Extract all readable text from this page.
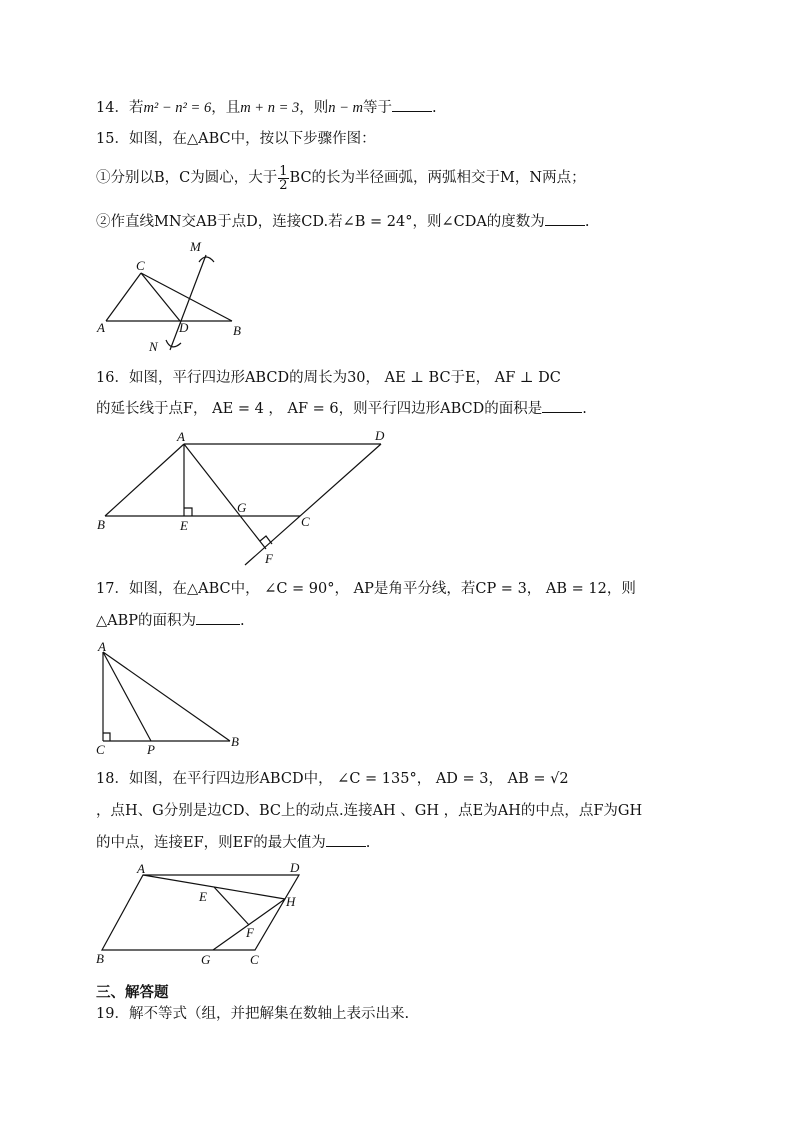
14．若m² − n² = 6，且m + n = 3，则n − m等于	.
15．如图，在△ABC中，按以下步骤作图：
①分别以B，C为圆心，大于 $\frac{1}{2}$ BC的长为半径画弧，两弧相交于M，N两点；
②作直线MN交AB于点D，连接CD.若∠B = 24°，则∠CDA的度数为	.
M
C
A	D	B
N
A	D
B	E
G
C
F
A
C	P
B
A	D
E	H
F
B	G	C
16．如图，平行四边形ABCD的周长为30， AE ⊥ BC于E， AF ⊥ DC
的延长线于点F， AE = 4 ， AF = 6，则平行四边形ABCD的面积是	.
17．如图，在△ABC中， ∠C = 90°， AP是角平分线，若CP = 3， AB = 12，则
△ABP的面积为	.
18．如图，在平行四边形ABCD中， ∠C = 135°， AD = 3， AB = √2
，点H、G分别是边CD、BC上的动点.连接AH 、GH ，点E为AH的中点，点F为GH
的中点，连接EF，则EF的最大值为	.
三、解答题
19．解不等式（组，并把解集在数轴上表示出来.
